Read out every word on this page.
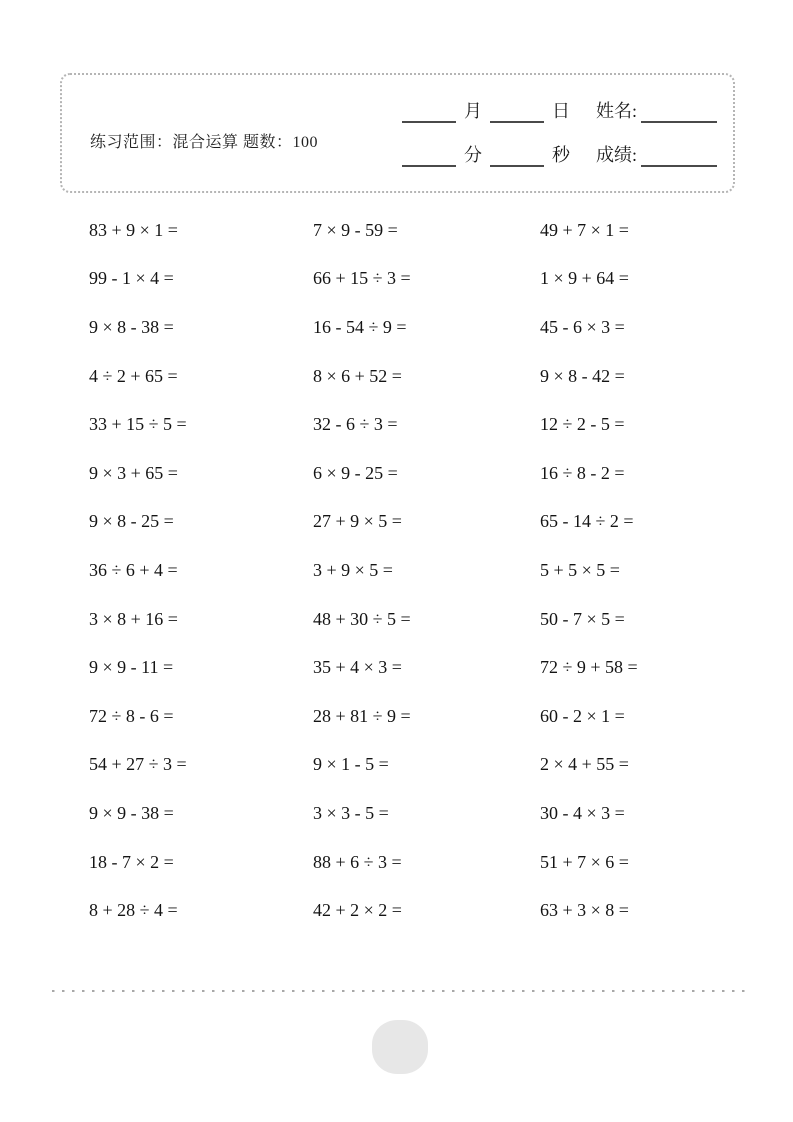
练习范围：混合运算 题数：100
月	日 姓名:
分	秒 成绩:
83 + 9 × 1 =	7 × 9 - 59 =	49 + 7 × 1 =
99 - 1 × 4 =	66 + 15 ÷ 3 =	1 × 9 + 64 =
9 × 8 - 38 =	16 - 54 ÷ 9 =	45 - 6 × 3 =
4 ÷ 2 + 65 =	8 × 6 + 52 =	9 × 8 - 42 =
33 + 15 ÷ 5 =	32 - 6 ÷ 3 =	12 ÷ 2 - 5 =
9 × 3 + 65 =	6 × 9 - 25 =	16 ÷ 8 - 2 =
9 × 8 - 25 =	27 + 9 × 5 =	65 - 14 ÷ 2 =
36 ÷ 6 + 4 =	3 + 9 × 5 =	5 + 5 × 5 =
3 × 8 + 16 =	48 + 30 ÷ 5 =	50 - 7 × 5 =
9 × 9 - 11 =	35 + 4 × 3 =	72 ÷ 9 + 58 =
72 ÷ 8 - 6 =	28 + 81 ÷ 9 =	60 - 2 × 1 =
54 + 27 ÷ 3 =	9 × 1 - 5 =	2 × 4 + 55 =
9 × 9 - 38 =	3 × 3 - 5 =	30 - 4 × 3 =
18 - 7 × 2 =	88 + 6 ÷ 3 =	51 + 7 × 6 =
8 + 28 ÷ 4 =	42 + 2 × 2 =	63 + 3 × 8 =
